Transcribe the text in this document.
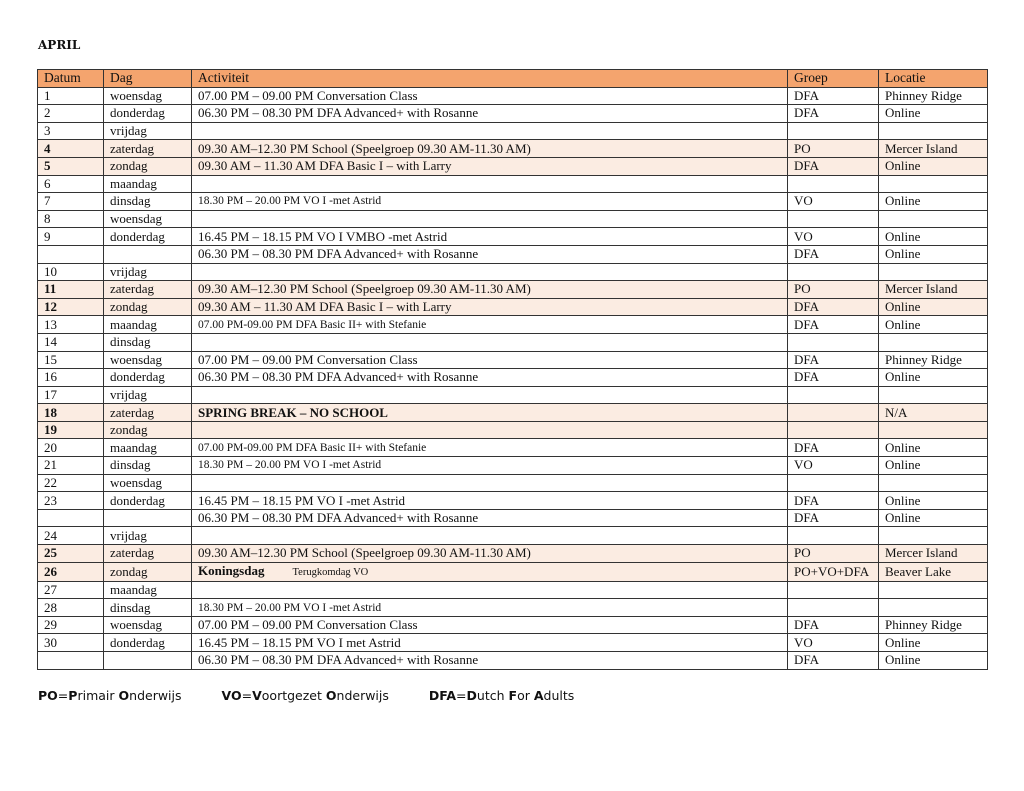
APRIL
Datum	Dag	Activiteit	Groep	Locatie
1	woensdag	07.00 PM – 09.00 PM Conversation Class	DFA	Phinney Ridge
2	donderdag	06.30 PM – 08.30 PM DFA Advanced+ with Rosanne	DFA	Online
3	vrijdag			
4	zaterdag	09.30 AM–12.30 PM School (Speelgroep 09.30 AM-11.30 AM)	PO	Mercer Island
5	zondag	09.30 AM – 11.30 AM DFA Basic I – with Larry	DFA	Online
6	maandag			
7	dinsdag	18.30 PM – 20.00 PM VO I -met Astrid	VO	Online
8	woensdag			
9	donderdag	16.45 PM – 18.15 PM VO I VMBO -met Astrid	VO	Online
		06.30 PM – 08.30 PM DFA Advanced+ with Rosanne	DFA	Online
10	vrijdag			
11	zaterdag	09.30 AM–12.30 PM School (Speelgroep 09.30 AM-11.30 AM)	PO	Mercer Island
12	zondag	09.30 AM – 11.30 AM DFA Basic I – with Larry	DFA	Online
13	maandag	07.00 PM-09.00 PM DFA Basic II+ with Stefanie	DFA	Online
14	dinsdag			
15	woensdag	07.00 PM – 09.00 PM Conversation Class	DFA	Phinney Ridge
16	donderdag	06.30 PM – 08.30 PM DFA Advanced+ with Rosanne	DFA	Online
17	vrijdag			
18	zaterdag	SPRING BREAK – NO SCHOOL		N/A
19	zondag			
20	maandag	07.00 PM-09.00 PM DFA Basic II+ with Stefanie	DFA	Online
21	dinsdag	18.30 PM – 20.00 PM VO I -met Astrid	VO	Online
22	woensdag			
23	donderdag	16.45 PM – 18.15 PM VO I -met Astrid	DFA	Online
		06.30 PM – 08.30 PM DFA Advanced+ with Rosanne	DFA	Online
24	vrijdag			
25	zaterdag	09.30 AM–12.30 PM School (Speelgroep 09.30 AM-11.30 AM)	PO	Mercer Island
26	zondag	Koningsdag Terugkomdag VO	PO+VO+DFA	Beaver Lake
27	maandag			
28	dinsdag	18.30 PM – 20.00 PM VO I -met Astrid		
29	woensdag	07.00 PM – 09.00 PM Conversation Class	DFA	Phinney Ridge
30	donderdag	16.45 PM – 18.15 PM VO I met Astrid	VO	Online
		06.30 PM – 08.30 PM DFA Advanced+ with Rosanne	DFA	Online
PO=Primair Onderwijs	VO=Voortgezet Onderwijs	DFA=Dutch For Adults
